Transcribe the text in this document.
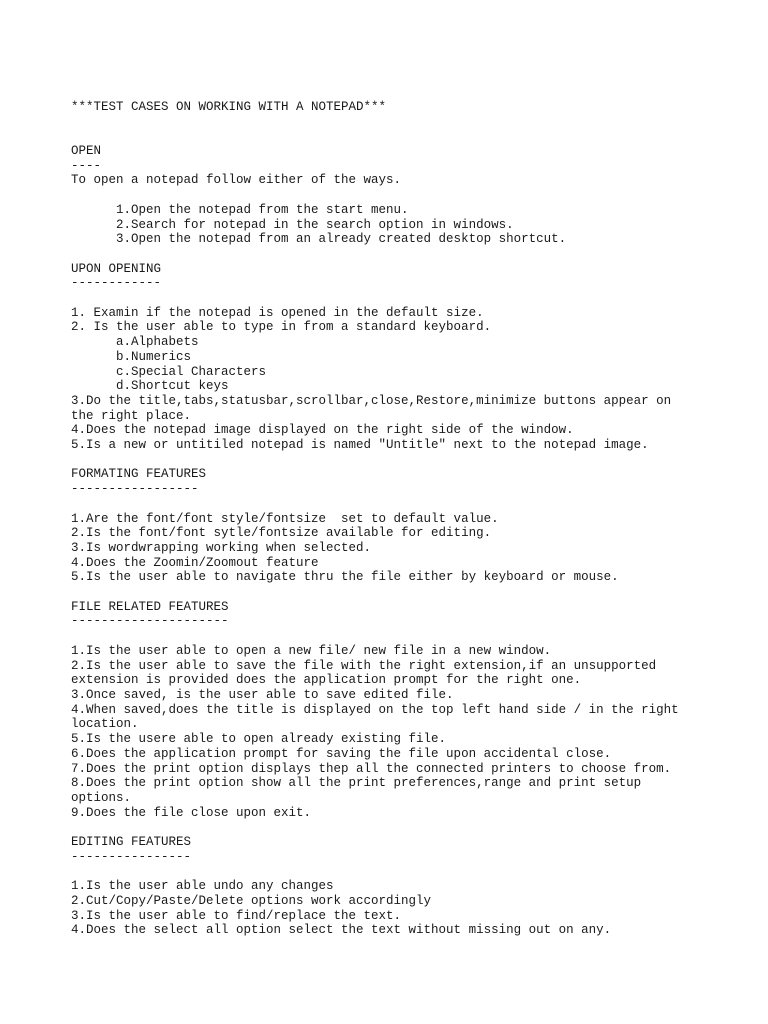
***TEST CASES ON WORKING WITH A NOTEPAD***
OPEN
----
To open a notepad follow either of the ways.
1.Open the notepad from the start menu.
2.Search for notepad in the search option in windows.
3.Open the notepad from an already created desktop shortcut.
UPON OPENING
------------
1. Examin if the notepad is opened in the default size.
2. Is the user able to type in from a standard keyboard.
a.Alphabets
b.Numerics
c.Special Characters
d.Shortcut keys
3.Do the title,tabs,statusbar,scrollbar,close,Restore,minimize buttons appear on
the right place.
4.Does the notepad image displayed on the right side of the window.
5.Is a new or untitiled notepad is named "Untitle" next to the notepad image.
FORMATING FEATURES
-----------------
1.Are the font/font style/fontsize  set to default value.
2.Is the font/font sytle/fontsize available for editing.
3.Is wordwrapping working when selected.
4.Does the Zoomin/Zoomout feature
5.Is the user able to navigate thru the file either by keyboard or mouse.
FILE RELATED FEATURES
---------------------
1.Is the user able to open a new file/ new file in a new window.
2.Is the user able to save the file with the right extension,if an unsupported
extension is provided does the application prompt for the right one.
3.Once saved, is the user able to save edited file.
4.When saved,does the title is displayed on the top left hand side / in the right
location.
5.Is the usere able to open already existing file.
6.Does the application prompt for saving the file upon accidental close.
7.Does the print option displays thep all the connected printers to choose from.
8.Does the print option show all the print preferences,range and print setup
options.
9.Does the file close upon exit.
EDITING FEATURES
----------------
1.Is the user able undo any changes
2.Cut/Copy/Paste/Delete options work accordingly
3.Is the user able to find/replace the text.
4.Does the select all option select the text without missing out on any.
